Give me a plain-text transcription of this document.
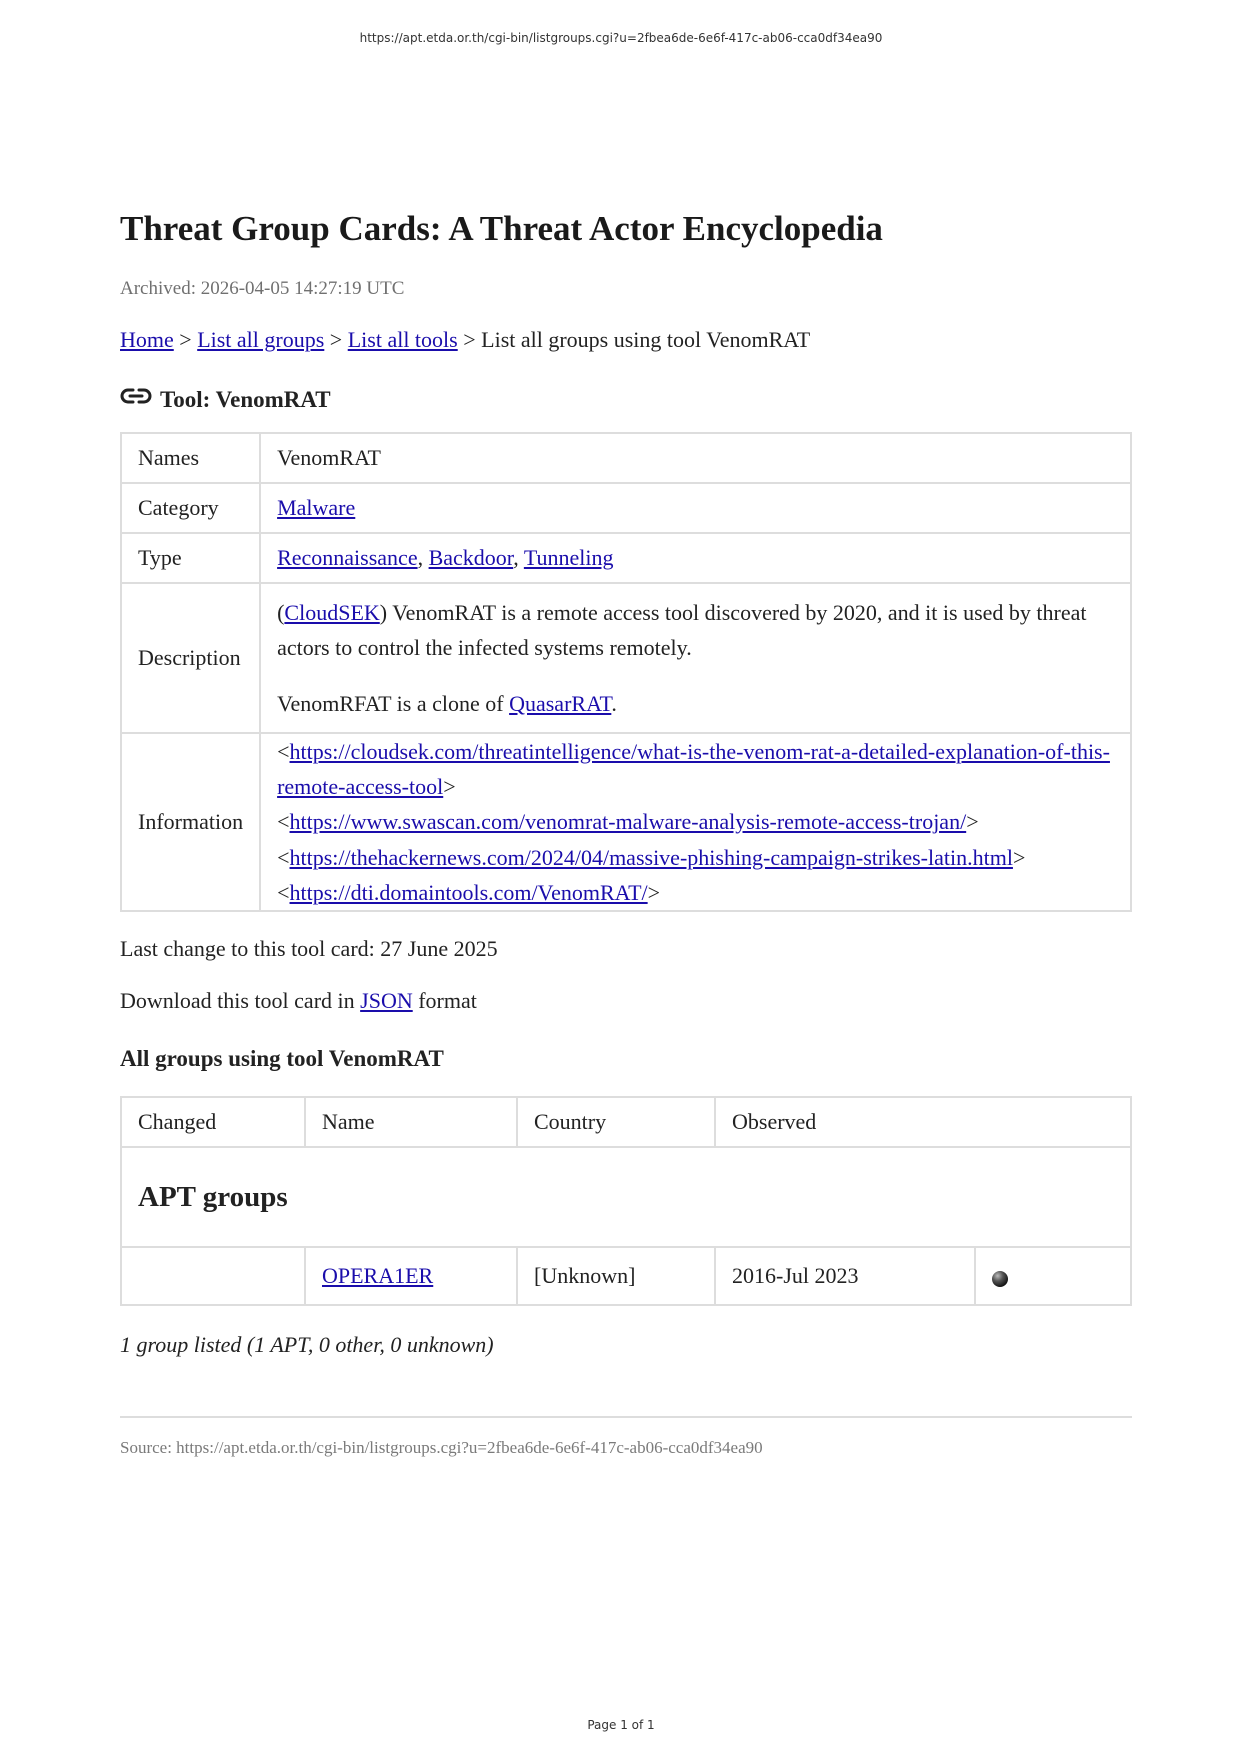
https://apt.etda.or.th/cgi-bin/listgroups.cgi?u=2fbea6de-6e6f-417c-ab06-cca0df34ea90
Threat Group Cards: A Threat Actor Encyclopedia
Archived: 2026-04-05 14:27:19 UTC
Home > List all groups > List all tools > List all groups using tool VenomRAT
Tool: VenomRAT
Names	VenomRAT
Category	Malware
Type	Reconnaissance, Backdoor, Tunneling
Description	(CloudSEK) VenomRAT is a remote access tool discovered by 2020, and it is used by threat actors to control the infected systems remotely.

VenomRFAT is a clone of QuasarRAT.

Information	<https://cloudsek.com/threatintelligence/what-is-the-venom-rat-a-detailed-explanation-of-this-remote-access-tool>
<https://www.swascan.com/venomrat-malware-analysis-remote-access-trojan/>
<https://thehackernews.com/2024/04/massive-phishing-campaign-strikes-latin.html>
<https://dti.domaintools.com/VenomRAT/>
Last change to this tool card: 27 June 2025
Download this tool card in JSON format
All groups using tool VenomRAT
Changed	Name	Country	Observed	
APT groups				
	OPERA1ER	[Unknown]	2016-Jul 2023	
1 group listed (1 APT, 0 other, 0 unknown)
Source: https://apt.etda.or.th/cgi-bin/listgroups.cgi?u=2fbea6de-6e6f-417c-ab06-cca0df34ea90
Page 1 of 1
